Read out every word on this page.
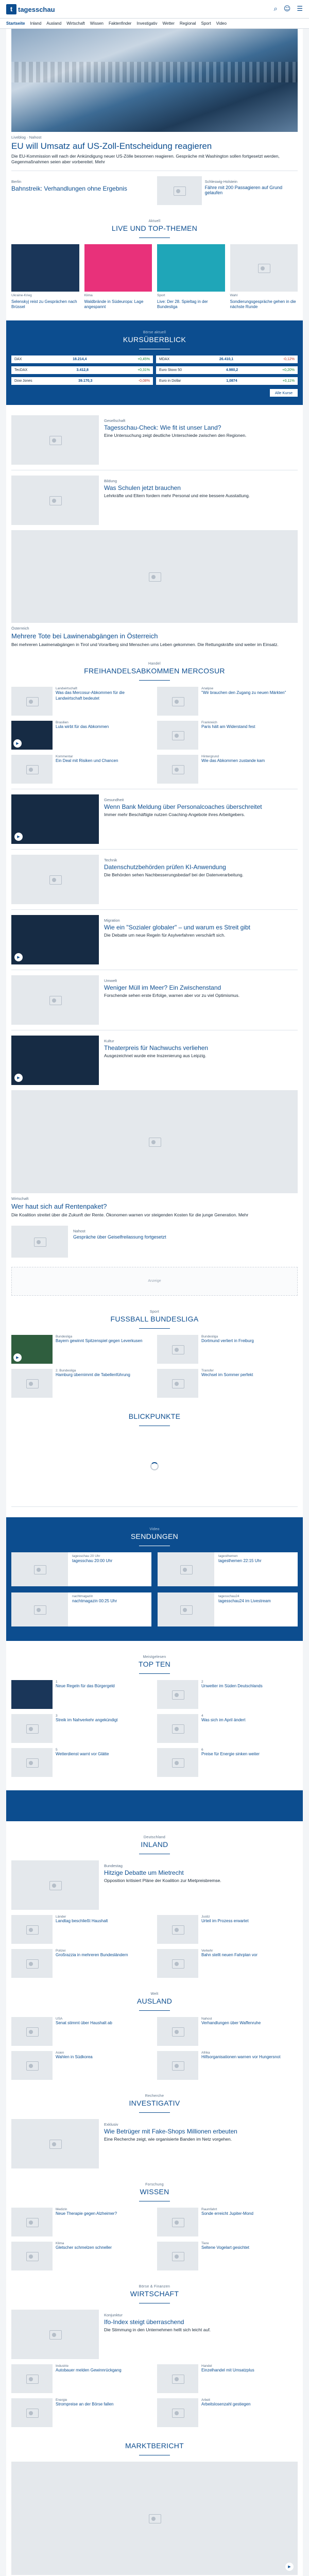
t tagesschau	⌕ ☺ ☰
Startseite Inland Ausland Wirtschaft Wissen Faktenfinder Investigativ Wetter Regional Sport Video
Liveblog · Nahost
EU will Umsatz auf US-Zoll-Entscheidung reagieren

Die EU-Kommission will nach der Ankündigung neuer US-Zölle besonnen reagieren. Gespräche mit Washington sollen fortgesetzt werden, Gegenmaßnahmen seien aber vorbereitet. Mehr

Berlin
Bahnstreik: Verhandlungen ohne Ergebnis
Schleswig-Holstein
Fähre mit 200 Passagieren auf Grund gelaufen
Aktuell
LIVE UND TOP-THEMEN
Ukraine-Krieg
Selenskyj reist zu Gesprächen nach Brüssel
Klima
Waldbrände in Südeuropa: Lage angespannt
Sport
Live: Der 28. Spieltag in der Bundesliga
Wahl
Sondierungsgespräche gehen in die nächste Runde
Börse aktuell
KURSÜBERBLICK
DAX	18.214,4	+0,45%	MDAX	26.410,1	-0,12%
TecDAX	3.412,8	+0,31%	Euro Stoxx 50	4.980,2	+0,20%
Dow Jones	39.170,3	-0,08%	Euro in Dollar	1,0874	+0,11%
Alle Kurse
Gesellschaft
Tagesschau-Check: Wie fit ist unser Land?

Eine Untersuchung zeigt deutliche Unterschiede zwischen den Regionen.

Bildung
Was Schulen jetzt brauchen

Lehrkräfte und Eltern fordern mehr Personal und eine bessere Ausstattung.

Österreich
Mehrere Tote bei Lawinenabgängen in Österreich

Bei mehreren Lawinenabgängen in Tirol und Vorarlberg sind Menschen ums Leben gekommen. Die Rettungskräfte sind weiter im Einsatz.

Handel
FREIHANDELSABKOMMEN MERCOSUR
Landwirtschaft
Was das Mercosur-Abkommen für die Landwirtschaft bedeutet
Analyse
"Wir brauchen den Zugang zu neuen Märkten"
▶
Brasilien
Lula wirbt für das Abkommen
Frankreich
Paris hält am Widerstand fest
Kommentar
Ein Deal mit Risiken und Chancen
Hintergrund
Wie das Abkommen zustande kam
▶
Gesundheit
Wenn Bank Meldung über Personalcoaches überschreitet

Immer mehr Beschäftigte nutzen Coaching-Angebote ihres Arbeitgebers.

Technik
Datenschutzbehörden prüfen KI-Anwendung

Die Behörden sehen Nachbesserungsbedarf bei der Datenverarbeitung.

▶
Migration
Wie ein "Sozialer globaler" – und warum es Streit gibt

Die Debatte um neue Regeln für Asylverfahren verschärft sich.

Umwelt
Weniger Müll im Meer? Ein Zwischenstand

Forschende sehen erste Erfolge, warnen aber vor zu viel Optimismus.

▶
Kultur
Theaterpreis für Nachwuchs verliehen

Ausgezeichnet wurde eine Inszenierung aus Leipzig.

Wirtschaft
Wer haut sich auf Rentenpaket?

Die Koalition streitet über die Zukunft der Rente. Ökonomen warnen vor steigenden Kosten für die junge Generation. Mehr

Nahost
Gespräche über Geiselfreilassung fortgesetzt
Anzeige
Sport
FUSSBALL BUNDESLIGA
▶
Bundesliga
Bayern gewinnt Spitzenspiel gegen Leverkusen
Bundesliga
Dortmund verliert in Freiburg
2. Bundesliga
Hamburg übernimmt die Tabellenführung
Transfer
Wechsel im Sommer perfekt
BLICKPUNKTE
Video
SENDUNGEN
tagesschau 20 Uhr
tagesschau 20:00 Uhr
tagesthemen
tagesthemen 22:15 Uhr
nachtmagazin
nachtmagazin 00:25 Uhr
tagesschau24
tagesschau24 im Livestream
Meistgelesen
TOP TEN
1
Neue Regeln für das Bürgergeld
2
Unwetter im Süden Deutschlands
3
Streik im Nahverkehr angekündigt
4
Was sich im April ändert
5
Wetterdienst warnt vor Glätte
6
Preise für Energie sinken weiter
Deutschland
INLAND
Bundestag
Hitzige Debatte um Mietrecht

Opposition kritisiert Pläne der Koalition zur Mietpreisbremse.

Länder
Landtag beschließt Haushalt
Justiz
Urteil im Prozess erwartet
Polizei
Großrazzia in mehreren Bundesländern
Verkehr
Bahn stellt neuen Fahrplan vor
Welt
AUSLAND
USA
Senat stimmt über Haushalt ab
Nahost
Verhandlungen über Waffenruhe
Asien
Wahlen in Südkorea
Afrika
Hilfsorganisationen warnen vor Hungersnot
Recherche
INVESTIGATIV
Exklusiv
Wie Betrüger mit Fake-Shops Millionen erbeuten

Eine Recherche zeigt, wie organisierte Banden im Netz vorgehen.

Forschung
WISSEN
Medizin
Neue Therapie gegen Alzheimer?
Raumfahrt
Sonde erreicht Jupiter-Mond
Klima
Gletscher schmelzen schneller
Tiere
Seltene Vogelart gesichtet
Börse & Finanzen
WIRTSCHAFT
Konjunktur
Ifo-Index steigt überraschend

Die Stimmung in den Unternehmen hellt sich leicht auf.

Industrie
Autobauer melden Gewinnrückgang
Handel
Einzelhandel mit Umsatzplus
Energie
Strompreise an der Börse fallen
Arbeit
Arbeitslosenzahl gestiegen
MARKTBERICHT
▶
